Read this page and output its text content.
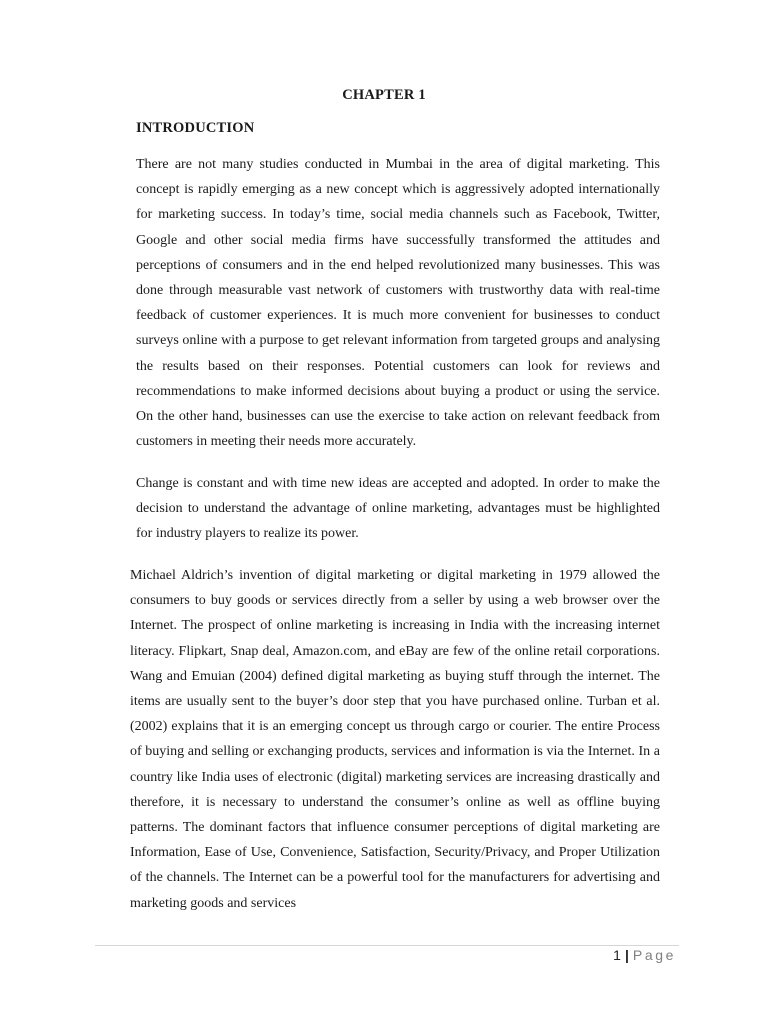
CHAPTER 1
INTRODUCTION

There are not many studies conducted in Mumbai in the area of digital marketing. This concept is rapidly emerging as a new concept which is aggressively adopted internationally for marketing success. In today’s time, social media channels such as Facebook, Twitter, Google and other social media firms have successfully transformed the attitudes and perceptions of consumers and in the end helped revolutionized many businesses. This was done through measurable vast network of customers with trustworthy data with real-time feedback of customer experiences. It is much more convenient for businesses to conduct surveys online with a purpose to get relevant information from targeted groups and analysing the results based on their responses. Potential customers can look for reviews and recommendations to make informed decisions about buying a product or using the service. On the other hand, businesses can use the exercise to take action on relevant feedback from customers in meeting their needs more accurately.

Change is constant and with time new ideas are accepted and adopted. In order to make the decision to understand the advantage of online marketing, advantages must be highlighted for industry players to realize its power.

Michael Aldrich’s invention of digital marketing or digital marketing in 1979 allowed the consumers to buy goods or services directly from a seller by using a web browser over the Internet. The prospect of online marketing is increasing in India with the increasing internet literacy. Flipkart, Snap deal, Amazon.com, and eBay are few of the online retail corporations. Wang and Emuian (2004) defined digital marketing as buying stuff through the internet. The items are usually sent to the buyer’s door step that you have purchased online. Turban et al. (2002) explains that it is an emerging concept us through cargo or courier. The entire Process of buying and selling or exchanging products, services and information is via the Internet. In a country like India uses of electronic (digital) marketing services are increasing drastically and therefore, it is necessary to understand the consumer’s online as well as offline buying patterns. The dominant factors that influence consumer perceptions of digital marketing are Information, Ease of Use, Convenience, Satisfaction, Security/Privacy, and Proper Utilization of the channels. The Internet can be a powerful tool for the manufacturers for advertising and marketing goods and services

1 | Page
